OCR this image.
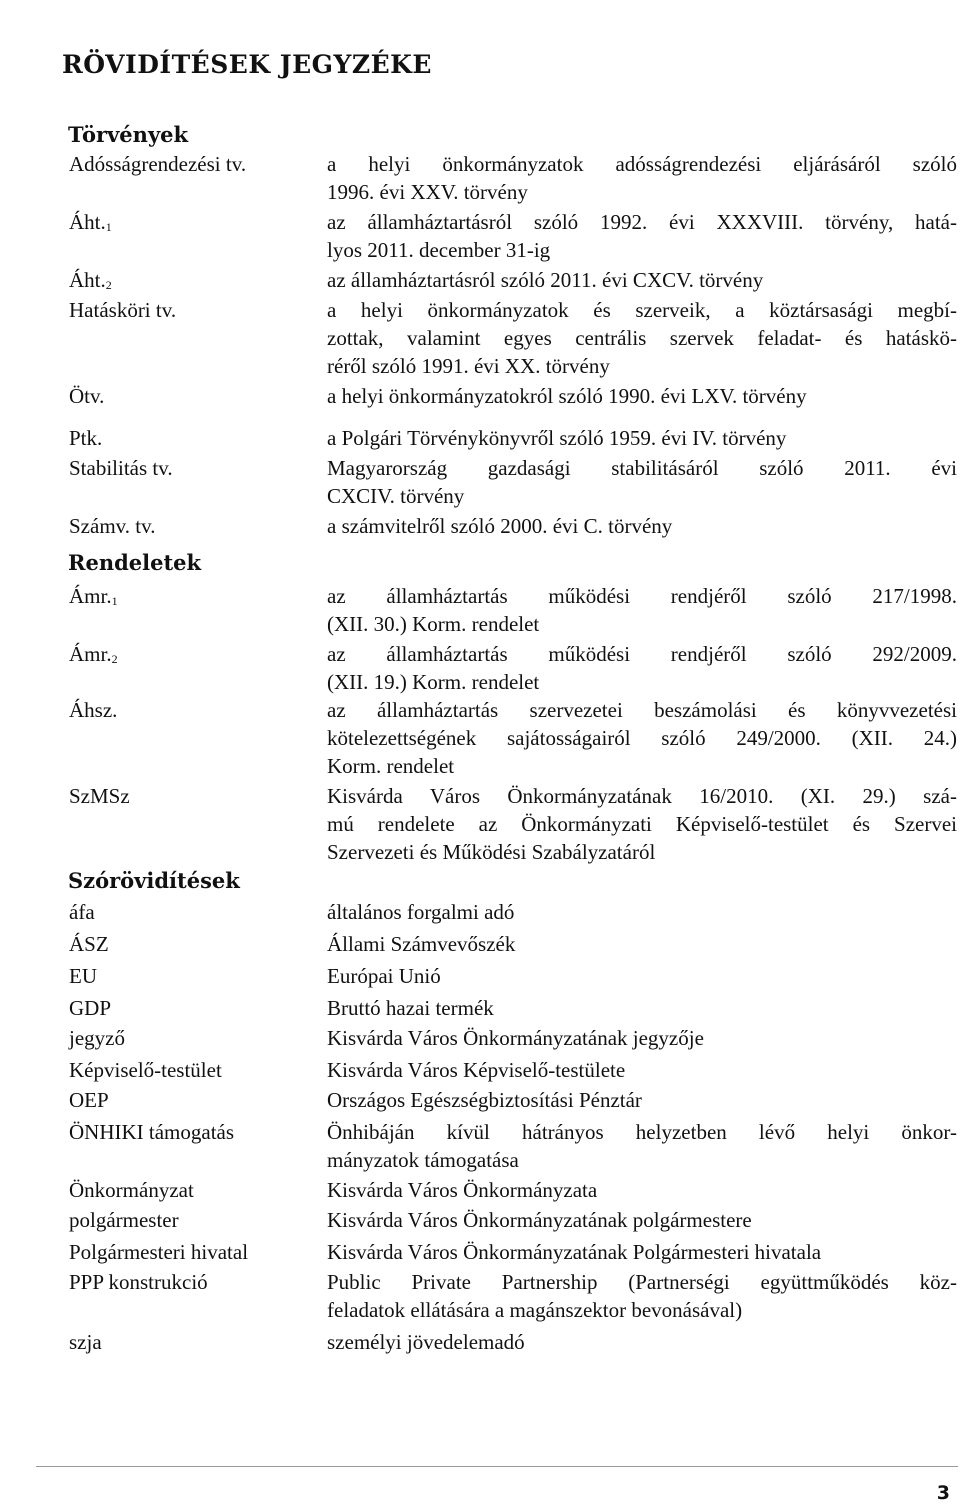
RÖVIDÍTÉSEK JEGYZÉKE
Törvények
Rendeletek
Szórövidítések
Adósságrendezési tv.	a helyi önkormányzatok adósságrendezési eljárásáról szóló
1996. évi XXV. törvény
$Áht._1$	az államháztartásról szóló 1992. évi XXXVIII. törvény, hatá-
lyos 2011. december 31-ig
$Áht._2$	az államháztartásról szóló 2011. évi CXCV. törvény
Hatásköri tv.	a helyi önkormányzatok és szerveik, a köztársasági megbí-
zottak, valamint egyes centrális szervek feladat- és hatáskö-
réről szóló 1991. évi XX. törvény
Ötv.	a helyi önkormányzatokról szóló 1990. évi LXV. törvény
Ptk.	a Polgári Törvénykönyvről szóló 1959. évi IV. törvény
Stabilitás tv.	Magyarország gazdasági stabilitásáról szóló 2011. évi
CXCIV. törvény
Számv. tv.	a számvitelről szóló 2000. évi C. törvény
$Ámr._1$	az államháztartás működési rendjéről szóló 217/1998.
(XII. 30.) Korm. rendelet
$Ámr._2$	az államháztartás működési rendjéről szóló 292/2009.
(XII. 19.) Korm. rendelet
Áhsz.	az államháztartás szervezetei beszámolási és könyvvezetési
kötelezettségének sajátosságairól szóló 249/2000. (XII. 24.)
Korm. rendelet
SzMSz	Kisvárda Város Önkormányzatának 16/2010. (XI. 29.) szá-
mú rendelete az Önkormányzati Képviselő-testület és Szervei
Szervezeti és Működési Szabályzatáról
áfa	általános forgalmi adó
ÁSZ	Állami Számvevőszék
EU	Európai Unió
GDP	Bruttó hazai termék
jegyző	Kisvárda Város Önkormányzatának jegyzője
Képviselő-testület	Kisvárda Város Képviselő-testülete
OEP	Országos Egészségbiztosítási Pénztár
ÖNHIKI támogatás	Önhibáján kívül hátrányos helyzetben lévő helyi önkor-
mányzatok támogatása
Önkormányzat	Kisvárda Város Önkormányzata
polgármester	Kisvárda Város Önkormányzatának polgármestere
Polgármesteri hivatal	Kisvárda Város Önkormányzatának Polgármesteri hivatala
PPP konstrukció	Public Private Partnership (Partnerségi együttműködés köz-
feladatok ellátására a magánszektor bevonásával)
szja	személyi jövedelemadó
3
